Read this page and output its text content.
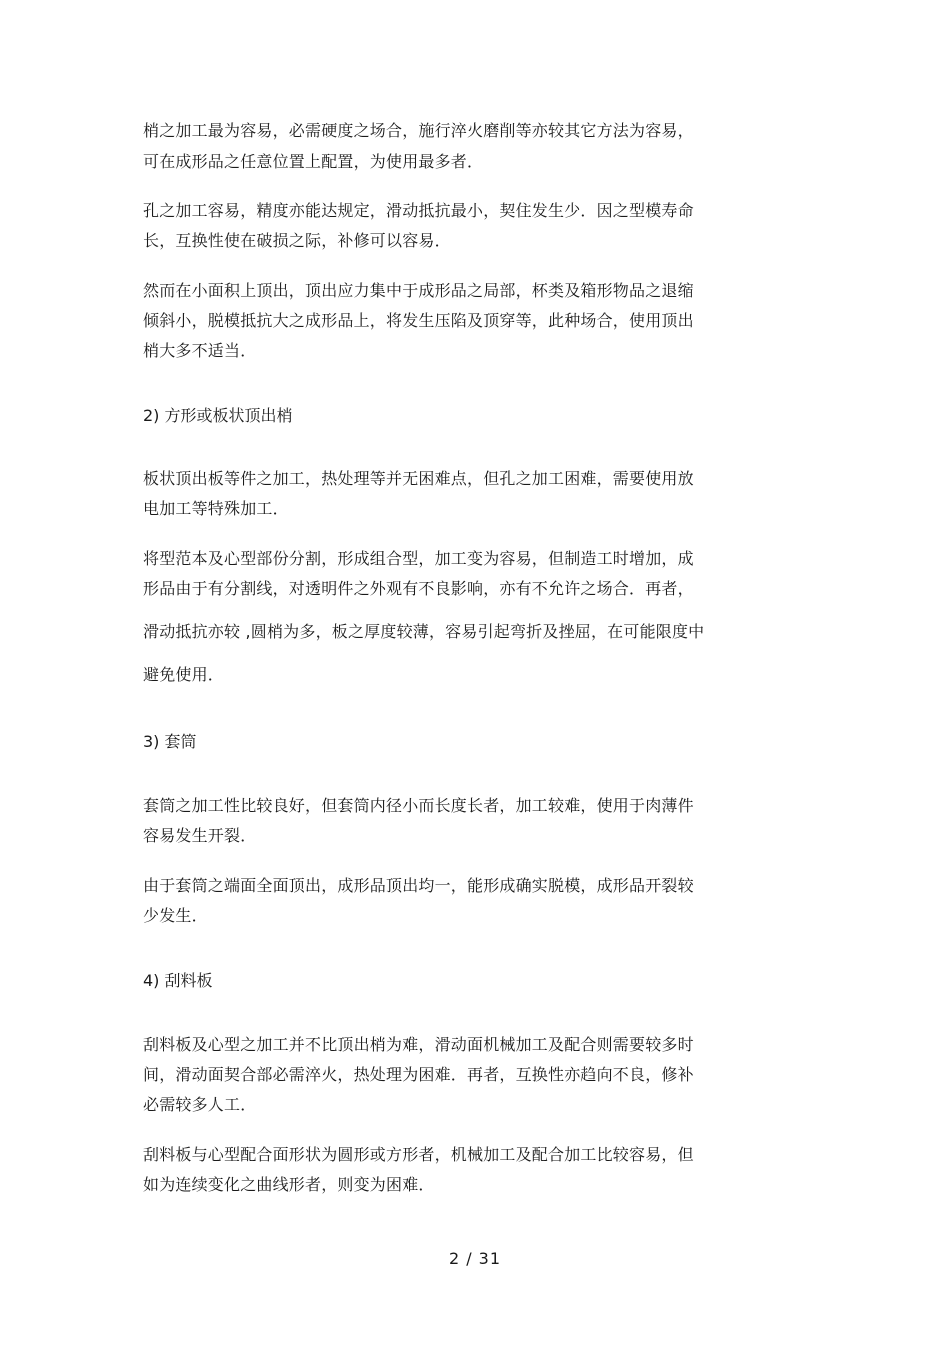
梢之加工最为容易，必需硬度之场合，施行淬火磨削等亦较其它方法为容易，
可在成形品之任意位置上配置，为使用最多者．
孔之加工容易，精度亦能达规定，滑动抵抗最小，契住发生少．因之型模寿命
长，互换性使在破损之际，补修可以容易．
然而在小面积上顶出，顶出应力集中于成形品之局部，杯类及箱形物品之退缩
倾斜小，脱模抵抗大之成形品上，将发生压陷及顶穿等，此种场合，使用顶出
梢大多不适当．
2) 方形或板状顶出梢
板状顶出板等件之加工，热处理等并无困难点，但孔之加工困难，需要使用放
电加工等特殊加工．
将型范本及心型部份分割，形成组合型，加工变为容易，但制造工时增加，成
形品由于有分割线，对透明件之外观有不良影响，亦有不允许之场合．再者，
滑动抵抗亦较 ,圆梢为多，板之厚度较薄，容易引起弯折及挫屈，在可能限度中
避免使用．
3) 套筒
套筒之加工性比较良好，但套筒内径小而长度长者，加工较难，使用于肉薄件
容易发生开裂．
由于套筒之端面全面顶出，成形品顶出均一，能形成确实脱模，成形品开裂较
少发生．
4) 刮料板
刮料板及心型之加工并不比顶出梢为难，滑动面机械加工及配合则需要较多时
间，滑动面契合部必需淬火，热处理为困难．再者，互换性亦趋向不良，修补
必需较多人工．
刮料板与心型配合面形状为圆形或方形者，机械加工及配合加工比较容易，但
如为连续变化之曲线形者，则变为困难．
2 / 31
